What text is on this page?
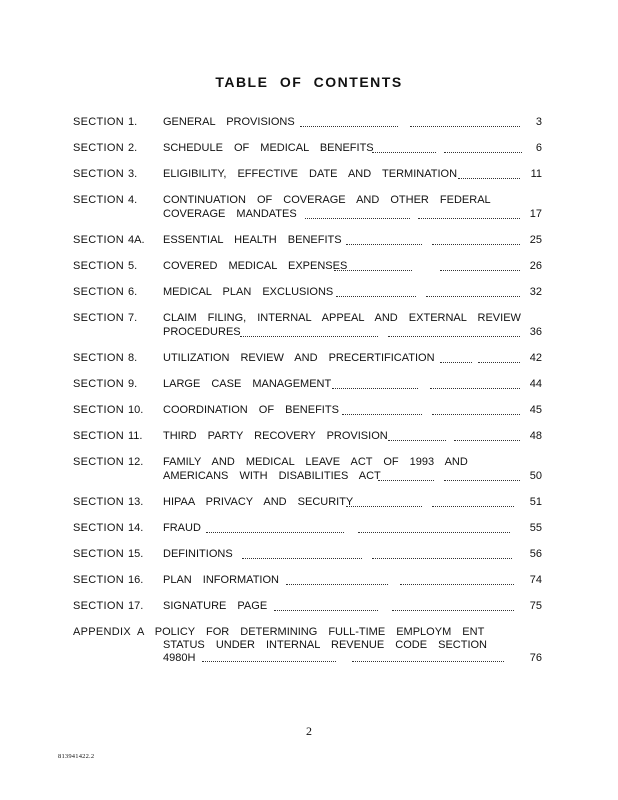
TABLE OF CONTENTS
SECTION 1. GENERAL PROVISIONS	3
SECTION 2. SCHEDULE OF MEDICAL BENEFITS	6
SECTION 3. ELIGIBILITY, EFFECTIVE DATE AND TERMINATION	11
SECTION 4. CONTINUATION OF COVERAGE AND OTHER FEDERAL
COVERAGE MANDATES	17
SECTION 4A. ESSENTIAL HEALTH BENEFITS	25
SECTION 5. COVERED MEDICAL EXPENSES	26
SECTION 6. MEDICAL PLAN EXCLUSIONS	32
SECTION 7. CLAIM FILING, INTERNAL APPEAL AND EXTERNAL REVIEW
PROCEDURES	36
SECTION 8. UTILIZATION REVIEW AND PRECERTIFICATION	42
SECTION 9. LARGE CASE MANAGEMENT	44
SECTION 10. COORDINATION OF BENEFITS	45
SECTION 11. THIRD PARTY RECOVERY PROVISION	48
SECTION 12. FAMILY AND MEDICAL LEAVE ACT OF 1993 AND
AMERICANS WITH DISABILITIES ACT	50
SECTION 13. HIPAA PRIVACY AND SECURITY	51
SECTION 14. FRAUD	55
SECTION 15. DEFINITIONS	56
SECTION 16. PLAN INFORMATION	74
SECTION 17. SIGNATURE PAGE	75
APPENDIX A POLICY FOR DETERMINING FULL-TIME EMPLOYM ENT
STATUS UNDER INTERNAL REVENUE CODE SECTION
4980H	76
2
813941422.2
